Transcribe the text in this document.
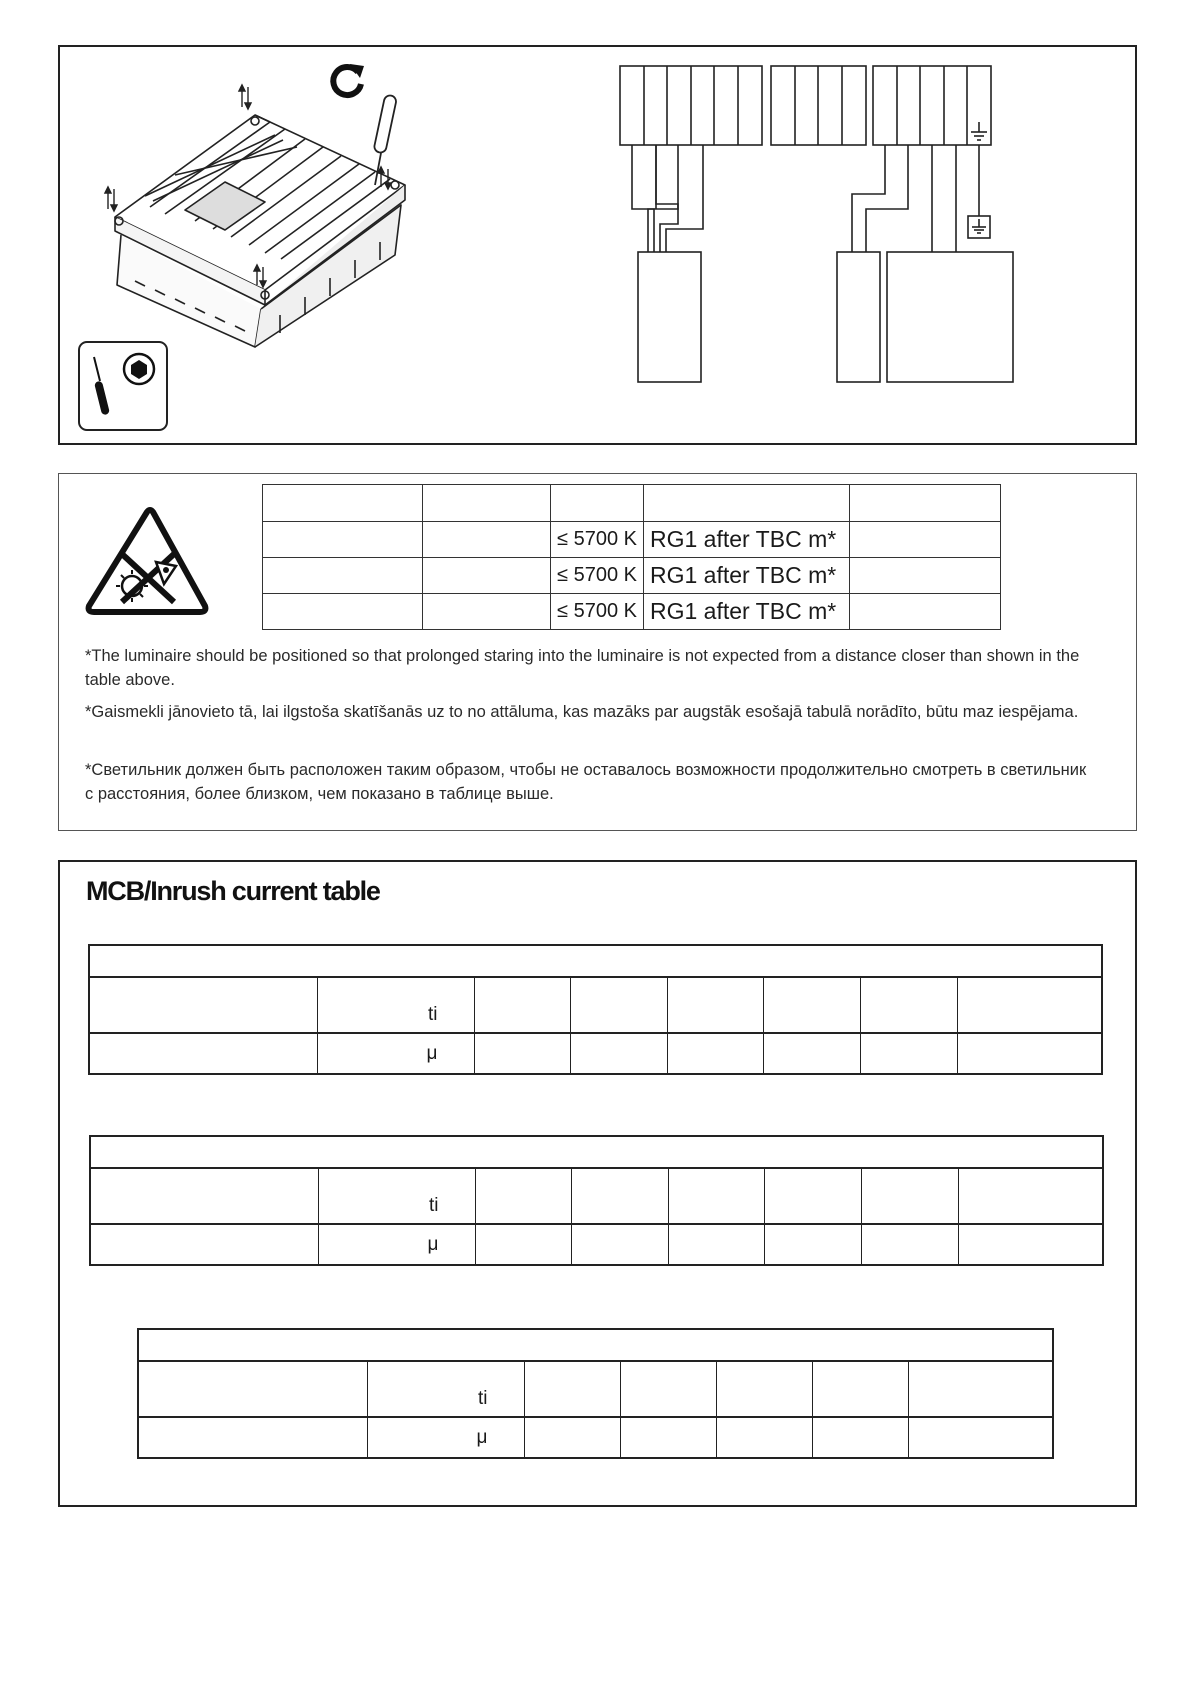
		≤ 5700 K	RG1 after TBC m*	
		≤ 5700 K	RG1 after TBC m*	
		≤ 5700 K	RG1 after TBC m*	

*The luminaire should be positioned so that prolonged staring into the luminaire is not expected from a distance closer than shown in the table above.

*Gaismekli jānovieto tā, lai ilgstoša skatīšanās uz to no attāluma, kas mazāks par augstāk esošajā tabulā norādīto, būtu maz iespējama.

*Светильник должен быть расположен таким образом, чтобы не оставалось возможности продолжительно смотреть в светильник с расстояния, более близком, чем показано в таблице выше.

MCB/Inrush current table

	ti						

	μ						

	ti						

	μ						

	ti					

	μ					
